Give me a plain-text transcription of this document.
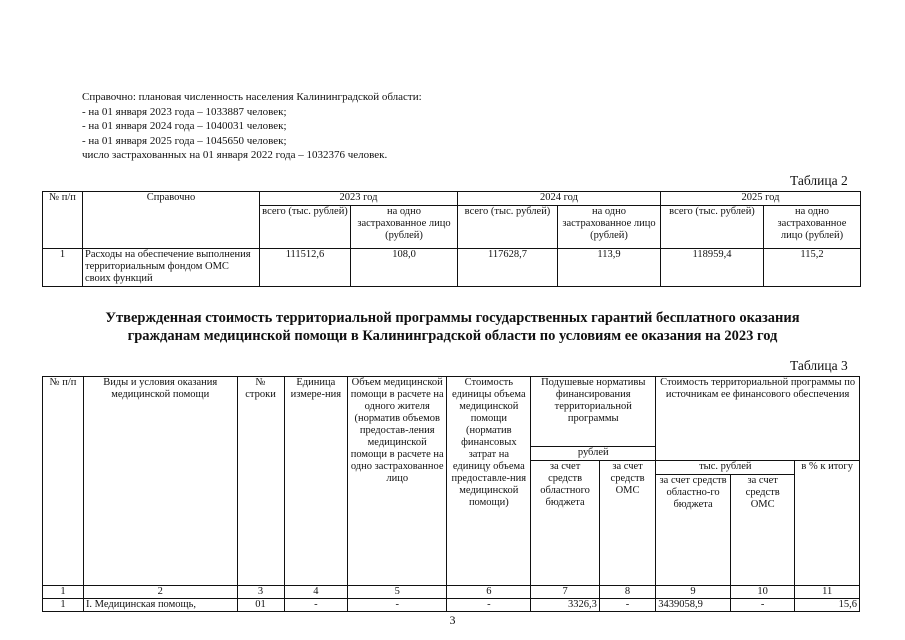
Справочно: плановая численность населения Калининградской области:
- на 01 января 2023 года – 1033887 человек;
- на 01 января 2024 года – 1040031 человек;
- на 01 января 2025 года – 1045650 человек;
число застрахованных на 01 января 2022 года – 1032376 человек.
Таблица 2
№ п/п	Справочно	2023 год		2024 год		2025 год	
		всего (тыс. рублей)	на одно застрахованное лицо (рублей)	всего (тыс. рублей)	на одно застрахованное лицо (рублей)	всего (тыс. рублей)	на одно застрахованное лицо (рублей)
1	Расходы на обеспечение выполнения территориальным фондом ОМС своих функций	111512,6	108,0	117628,7	113,9	118959,4	115,2
Утвержденная стоимость территориальной программы государственных гарантий бесплатного оказания
гражданам медицинской помощи в Калининградской области по условиям ее оказания на 2023 год
Таблица 3
№ п/п	Виды и условия оказания медицинской помощи	№ строки	Единица измере-ния	Объем медицинской помощи в расчете на одного жителя (норматив объемов предостав-ления медицинской помощи в расчете на одно застрахованное лицо	Стоимость единицы объема медицинской помощи (норматив финансовых затрат на единицу объема предоставле-ния медицинской помощи)	Подушевые нормативы финансирования территориальной программы		Стоимость территориальной программы по источникам ее финансового обеспечения		
						рублей				
						за счет средств областного бюджета	за счет средств ОМС	тыс. рублей		в % к итогу
								за счет средств областно-го бюджета	за счет средств ОМС	
1	2	3	4	5	6	7	8	9	10	11
1	I. Медицинская помощь,	01	-	-	-	3326,3	-	3439058,9	-	15,6
3
